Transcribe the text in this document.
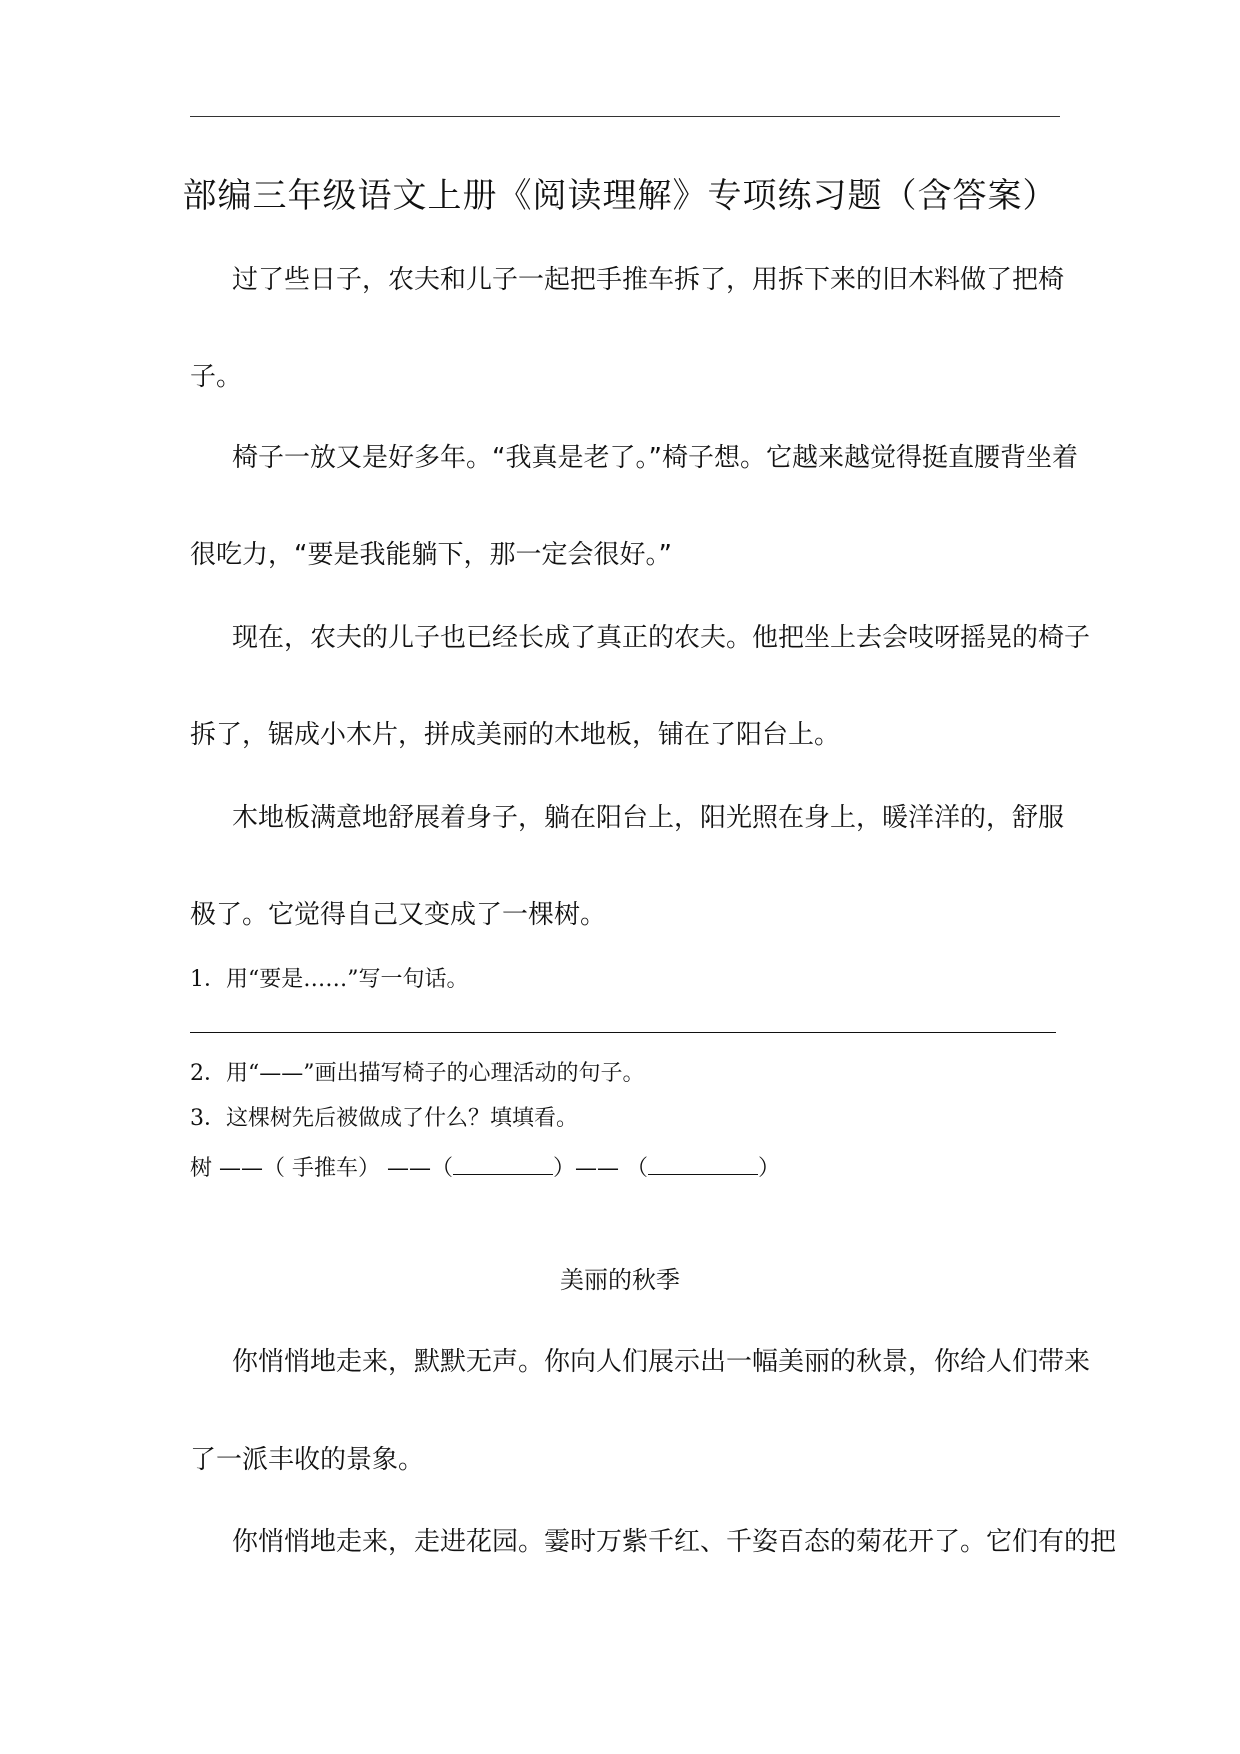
部编三年级语文上册《阅读理解》专项练习题（含答案）
过了些日子，农夫和儿子一起把手推车拆了，用拆下来的旧木料做了把椅
子。
椅子一放又是好多年。“我真是老了。”椅子想。它越来越觉得挺直腰背坐着
很吃力，“要是我能躺下，那一定会很好。”
现在，农夫的儿子也已经长成了真正的农夫。他把坐上去会吱呀摇晃的椅子
拆了，锯成小木片，拼成美丽的木地板，铺在了阳台上。
木地板满意地舒展着身子，躺在阳台上，阳光照在身上，暖洋洋的，舒服
极了。它觉得自己又变成了一棵树。
1．用“要是……”写一句话。
2．用“——”画出描写椅子的心理活动的句子。
3．这棵树先后被做成了什么？填填看。
树 ——（ 手推车） ——（	）—— （	）
美丽的秋季
你悄悄地走来，默默无声。你向人们展示出一幅美丽的秋景，你给人们带来
了一派丰收的景象。
你悄悄地走来，走进花园。霎时万紫千红、千姿百态的菊花开了。它们有的把
